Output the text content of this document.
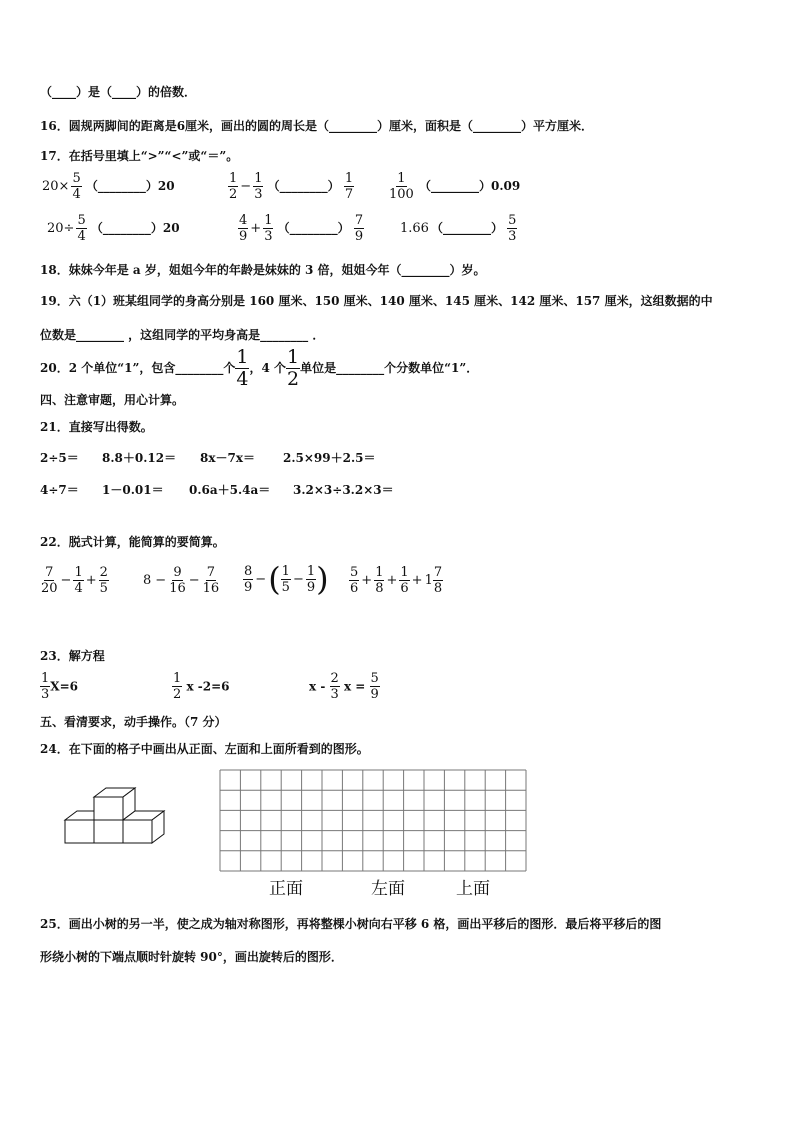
（____）是（____）的倍数．
16．圆规两脚间的距离是6厘米，画出的圆的周长是（________）厘米，面积是（________）平方厘米．
17．在括号里填上“>”“<”或“＝”。
$20\times \frac{5}{4}$ （________）20	$\frac{1}{2} - \frac{1}{3}$ （________） $\frac{1}{7}$	$\frac{1}{100}$ （________）0.09
$20\div \frac{5}{4}$ （________）20	$\frac{4}{9} + \frac{1}{3}$ （________） $\frac{7}{9}$	1.66 （________） $\frac{5}{3}$
18．妹妹今年是 a 岁，姐姐今年的年龄是妹妹的 3 倍，姐姐今年（________）岁。
19．六（1）班某组同学的身高分别是 160 厘米、150 厘米、140 厘米、145 厘米、142 厘米、157 厘米，这组数据的中
位数是________ ，这组同学的平均身高是________ ．
20．2 个单位“1”，包含________个 $\frac{1}{4}$ ，4 个 $\frac{1}{2}$ 单位是________个分数单位“1”．
四、注意审题，用心计算。
21．直接写出得数。
2÷5＝ 8.8＋0.12＝ 8x－7x＝ 2.5×99＋2.5＝
4÷7＝ 1－0.01＝ 0.6a＋5.4a＝ 3.2×3÷3.2×3＝
22．脱式计算，能简算的要简算。
$\frac{7}{20} - \frac{1}{4} + \frac{2}{5}$	$8 - \frac{9}{16} - \frac{7}{16} \frac{8}{9}$ −( $\frac{1}{5} - \frac{1}{9}$ ) $\frac{5}{6} + \frac{1}{8} + \frac{1}{6} + 1 \frac{7}{8}$
23．解方程
$\frac{1}{3} X=6$	$\frac{1}{2}$ x -2=6	x - $\frac{2}{3}$ $x = \frac{5}{9}$
五、看清要求，动手操作。（7 分）
24．在下面的格子中画出从正面、左面和上面所看到的图形。
正面	左面	上面
25．画出小树的另一半，使之成为轴对称图形，再将整棵小树向右平移 6 格，画出平移后的图形．最后将平移后的图
形绕小树的下端点顺时针旋转 90°，画出旋转后的图形．
